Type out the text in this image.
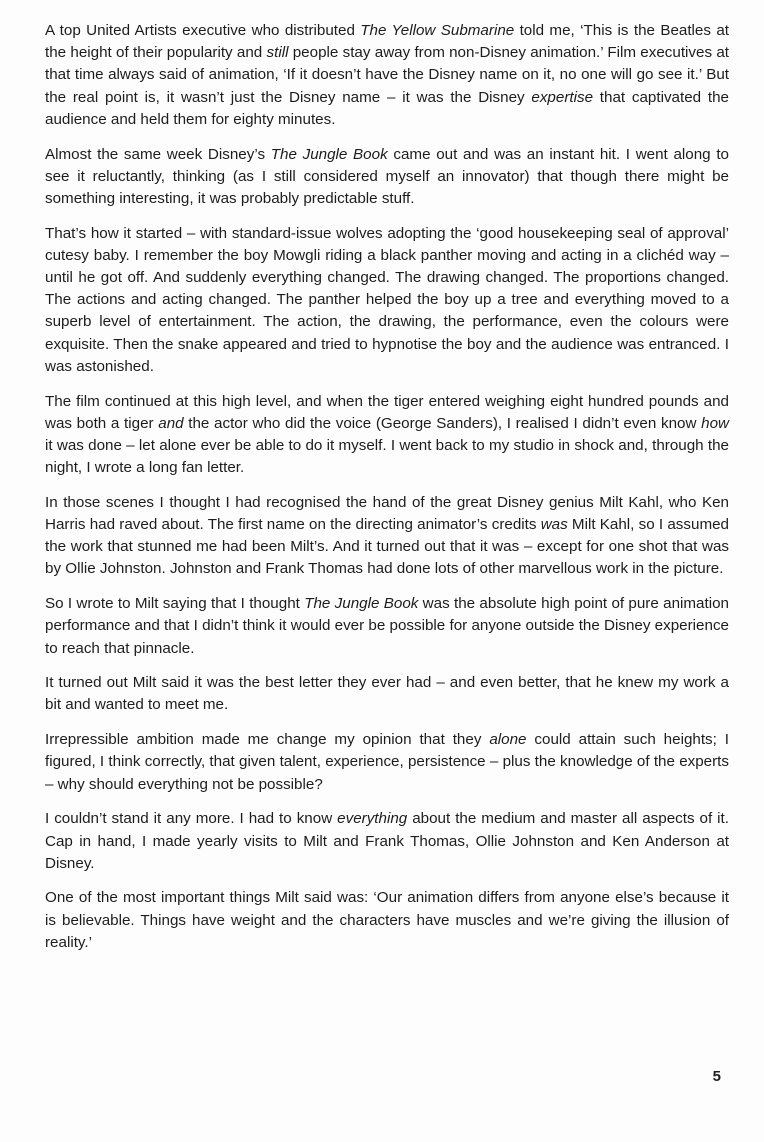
A top United Artists executive who distributed The Yellow Submarine told me, ‘This is the Beatles at the height of their popularity and still people stay away from non-Disney animation.’ Film executives at that time always said of animation, ‘If it doesn’t have the Disney name on it, no one will go see it.’ But the real point is, it wasn’t just the Disney name – it was the Disney expertise that captivated the audience and held them for eighty minutes.

Almost the same week Disney’s The Jungle Book came out and was an instant hit. I went along to see it reluctantly, thinking (as I still considered myself an innovator) that though there might be something interesting, it was probably predictable stuff.

That’s how it started – with standard-issue wolves adopting the ‘good housekeeping seal of approval’ cutesy baby. I remember the boy Mowgli riding a black panther moving and acting in a clichéd way – until he got off. And suddenly everything changed. The drawing changed. The proportions changed. The actions and acting changed. The panther helped the boy up a tree and everything moved to a superb level of entertainment. The action, the drawing, the performance, even the colours were exquisite. Then the snake appeared and tried to hypnotise the boy and the audience was entranced. I was astonished.

The film continued at this high level, and when the tiger entered weighing eight hundred pounds and was both a tiger and the actor who did the voice (George Sanders), I realised I didn’t even know how it was done – let alone ever be able to do it myself. I went back to my studio in shock and, through the night, I wrote a long fan letter.

In those scenes I thought I had recognised the hand of the great Disney genius Milt Kahl, who Ken Harris had raved about. The first name on the directing animator’s credits was Milt Kahl, so I assumed the work that stunned me had been Milt’s. And it turned out that it was – except for one shot that was by Ollie Johnston. Johnston and Frank Thomas had done lots of other marvellous work in the picture.

So I wrote to Milt saying that I thought The Jungle Book was the absolute high point of pure animation performance and that I didn’t think it would ever be possible for anyone outside the Disney experience to reach that pinnacle.

It turned out Milt said it was the best letter they ever had – and even better, that he knew my work a bit and wanted to meet me.

Irrepressible ambition made me change my opinion that they alone could attain such heights; I figured, I think correctly, that given talent, experience, persistence – plus the knowledge of the experts – why should everything not be possible?

I couldn’t stand it any more. I had to know everything about the medium and master all aspects of it. Cap in hand, I made yearly visits to Milt and Frank Thomas, Ollie Johnston and Ken Anderson at Disney.

One of the most important things Milt said was: ‘Our animation differs from anyone else’s because it is believable. Things have weight and the characters have muscles and we’re giving the illusion of reality.’

5
